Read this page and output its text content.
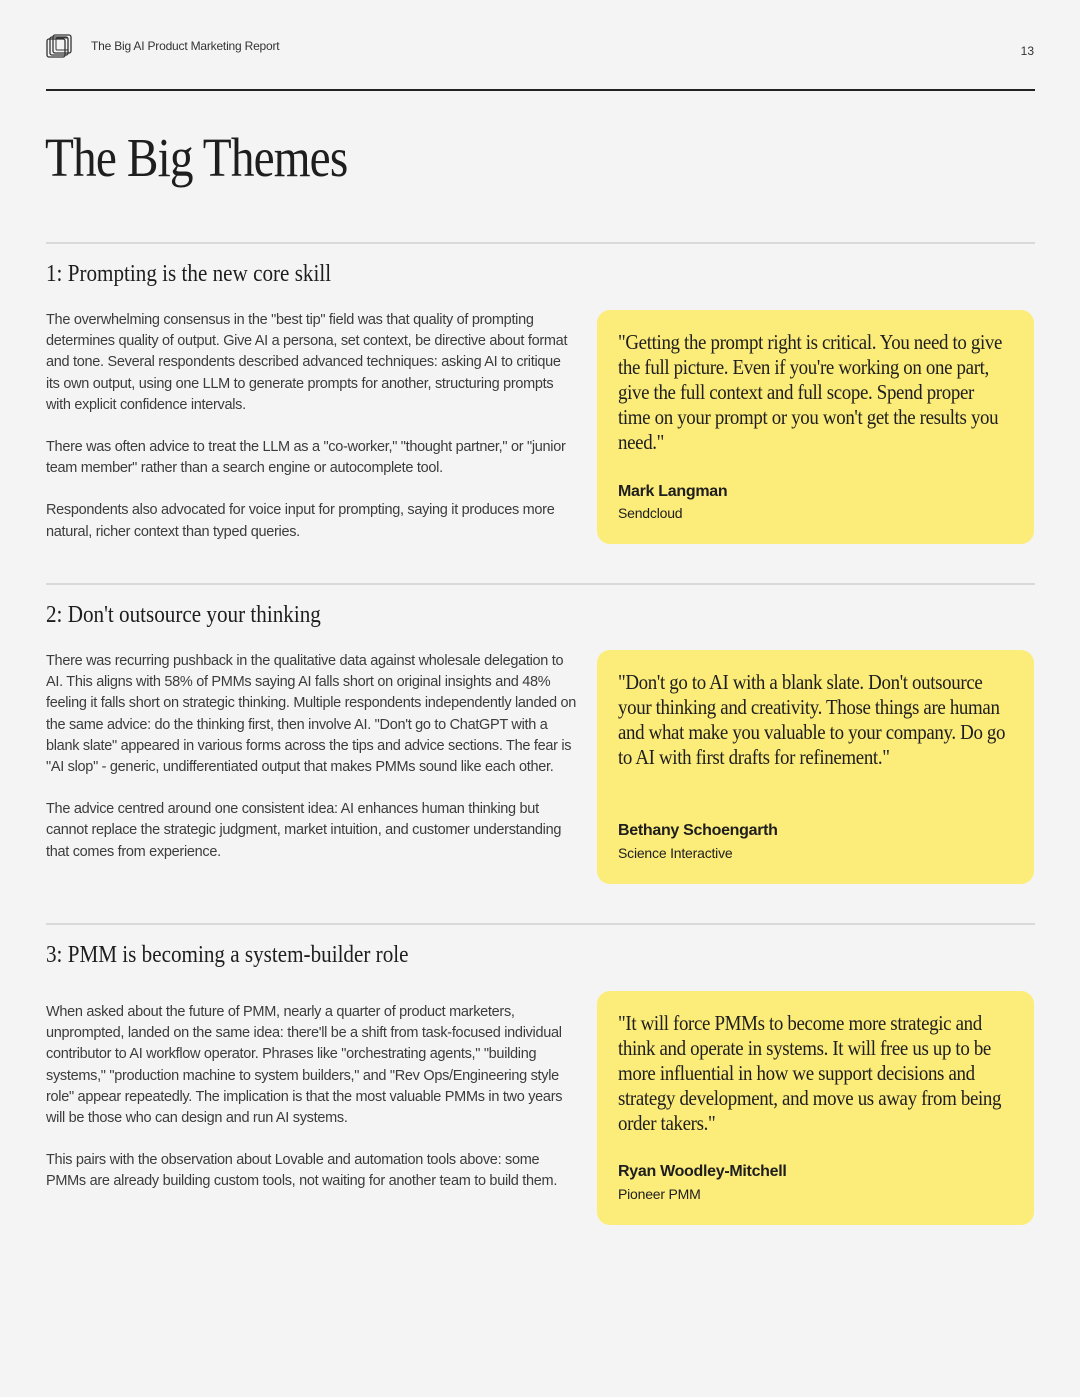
The Big AI Product Marketing Report	13
The Big Themes
1: Prompting is the new core skill

The overwhelming consensus in the "best tip" field was that quality of prompting determines quality of output. Give AI a persona, set context, be directive about format and tone. Several respondents described advanced techniques: asking AI to critique its own output, using one LLM to generate prompts for another, structuring prompts with explicit confidence intervals.

There was often advice to treat the LLM as a "co-worker," "thought partner," or "junior team member" rather than a search engine or autocomplete tool.

Respondents also advocated for voice input for prompting, saying it produces more natural, richer context than typed queries.

"Getting the prompt right is critical. You need to give the full picture. Even if you're working on one part, give the full context and full scope. Spend proper time on your prompt or you won't get the results you need."

Mark Langman
Sendcloud
2: Don't outsource your thinking

There was recurring pushback in the qualitative data against wholesale delegation to AI. This aligns with 58% of PMMs saying AI falls short on original insights and 48% feeling it falls short on strategic thinking. Multiple respondents independently landed on the same advice: do the thinking first, then involve AI. "Don't go to ChatGPT with a blank slate" appeared in various forms across the tips and advice sections. The fear is "AI slop" - generic, undifferentiated output that makes PMMs sound like each other.

The advice centred around one consistent idea: AI enhances human thinking but cannot replace the strategic judgment, market intuition, and customer understanding that comes from experience.

"Don't go to AI with a blank slate. Don't outsource your thinking and creativity. Those things are human and what make you valuable to your company. Do go to AI with first drafts for refinement."

Bethany Schoengarth
Science Interactive
3: PMM is becoming a system-builder role

When asked about the future of PMM, nearly a quarter of product marketers, unprompted, landed on the same idea: there'll be a shift from task-focused individual contributor to AI workflow operator. Phrases like "orchestrating agents," "building systems," "production machine to system builders," and "Rev Ops/Engineering style role" appear repeatedly. The implication is that the most valuable PMMs in two years will be those who can design and run AI systems.

This pairs with the observation about Lovable and automation tools above: some PMMs are already building custom tools, not waiting for another team to build them.

"It will force PMMs to become more strategic and think and operate in systems. It will free us up to be more influential in how we support decisions and strategy development, and move us away from being order takers."

Ryan Woodley-Mitchell
Pioneer PMM
